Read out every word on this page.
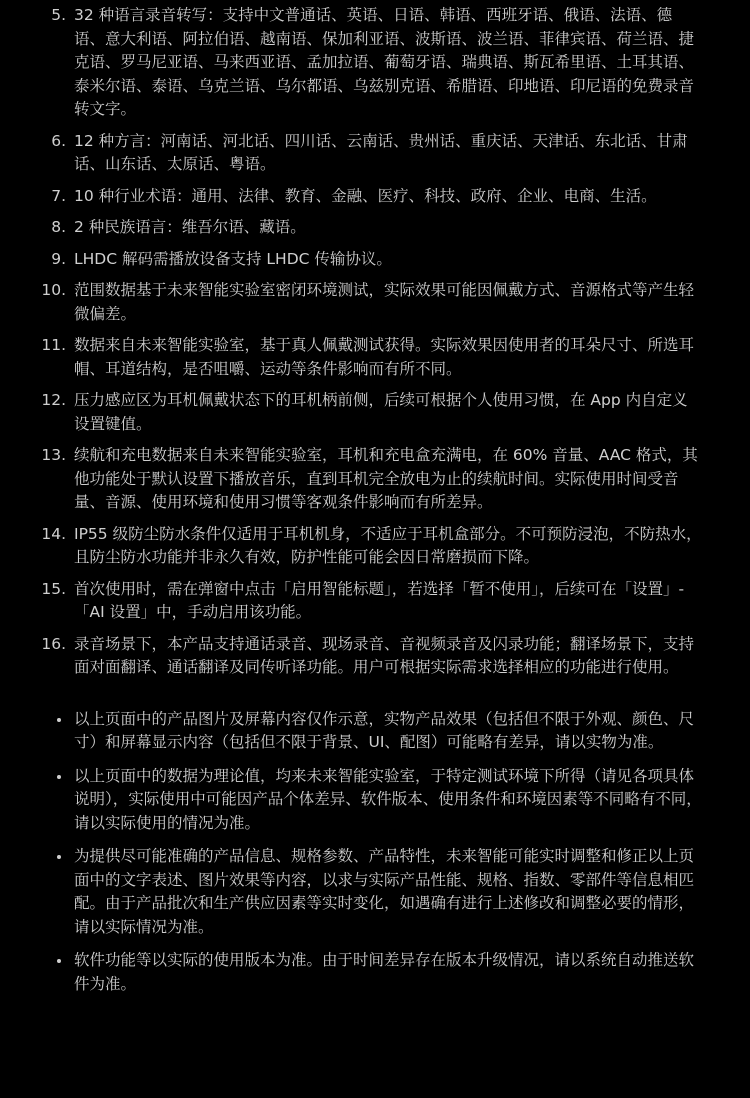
5. 32 种语言录音转写：支持中文普通话、英语、日语、韩语、西班牙语、俄语、法语、德语、意大利语、阿拉伯语、越南语、保加利亚语、波斯语、波兰语、菲律宾语、荷兰语、捷克语、罗马尼亚语、马来西亚语、孟加拉语、葡萄牙语、瑞典语、斯瓦希里语、土耳其语、泰米尔语、泰语、乌克兰语、乌尔都语、乌兹别克语、希腊语、印地语、印尼语的免费录音转文字。
6. 12 种方言：河南话、河北话、四川话、云南话、贵州话、重庆话、天津话、东北话、甘肃话、山东话、太原话、粤语。
7. 10 种行业术语：通用、法律、教育、金融、医疗、科技、政府、企业、电商、生活。
8. 2 种民族语言：维吾尔语、藏语。
9. LHDC 解码需播放设备支持 LHDC 传输协议。
10. 范围数据基于未来智能实验室密闭环境测试，实际效果可能因佩戴方式、音源格式等产生轻微偏差。
11. 数据来自未来智能实验室，基于真人佩戴测试获得。实际效果因使用者的耳朵尺寸、所选耳帽、耳道结构，是否咀嚼、运动等条件影响而有所不同。
12. 压力感应区为耳机佩戴状态下的耳机柄前侧，后续可根据个人使用习惯，在 App 内自定义设置键值。
13. 续航和充电数据来自未来智能实验室，耳机和充电盒充满电，在 60% 音量、AAC 格式，其他功能处于默认设置下播放音乐，直到耳机完全放电为止的续航时间。实际使用时间受音量、音源、使用环境和使用习惯等客观条件影响而有所差异。
14. IP55 级防尘防水条件仅适用于耳机机身，不适应于耳机盒部分。不可预防浸泡，不防热水，且防尘防水功能并非永久有效，防护性能可能会因日常磨损而下降。
15. 首次使用时，需在弹窗中点击「启用智能标题」，若选择「暂不使用」，后续可在「设置」-「AI 设置」中，手动启用该功能。
16. 录音场景下，本产品支持通话录音、现场录音、音视频录音及闪录功能；翻译场景下，支持面对面翻译、通话翻译及同传听译功能。用户可根据实际需求选择相应的功能进行使用。
以上页面中的产品图片及屏幕内容仅作示意，实物产品效果（包括但不限于外观、颜色、尺寸）和屏幕显示内容（包括但不限于背景、UI、配图）可能略有差异，请以实物为准。
以上页面中的数据为理论值，均来未来智能实验室，于特定测试环境下所得（请见各项具体说明），实际使用中可能因产品个体差异、软件版本、使用条件和环境因素等不同略有不同，请以实际使用的情况为准。
为提供尽可能准确的产品信息、规格参数、产品特性，未来智能可能实时调整和修正以上页面中的文字表述、图片效果等内容，以求与实际产品性能、规格、指数、零部件等信息相匹配。由于产品批次和生产供应因素等实时变化，如遇确有进行上述修改和调整必要的情形，请以实际情况为准。
软件功能等以实际的使用版本为准。由于时间差异存在版本升级情况，请以系统自动推送软件为准。
